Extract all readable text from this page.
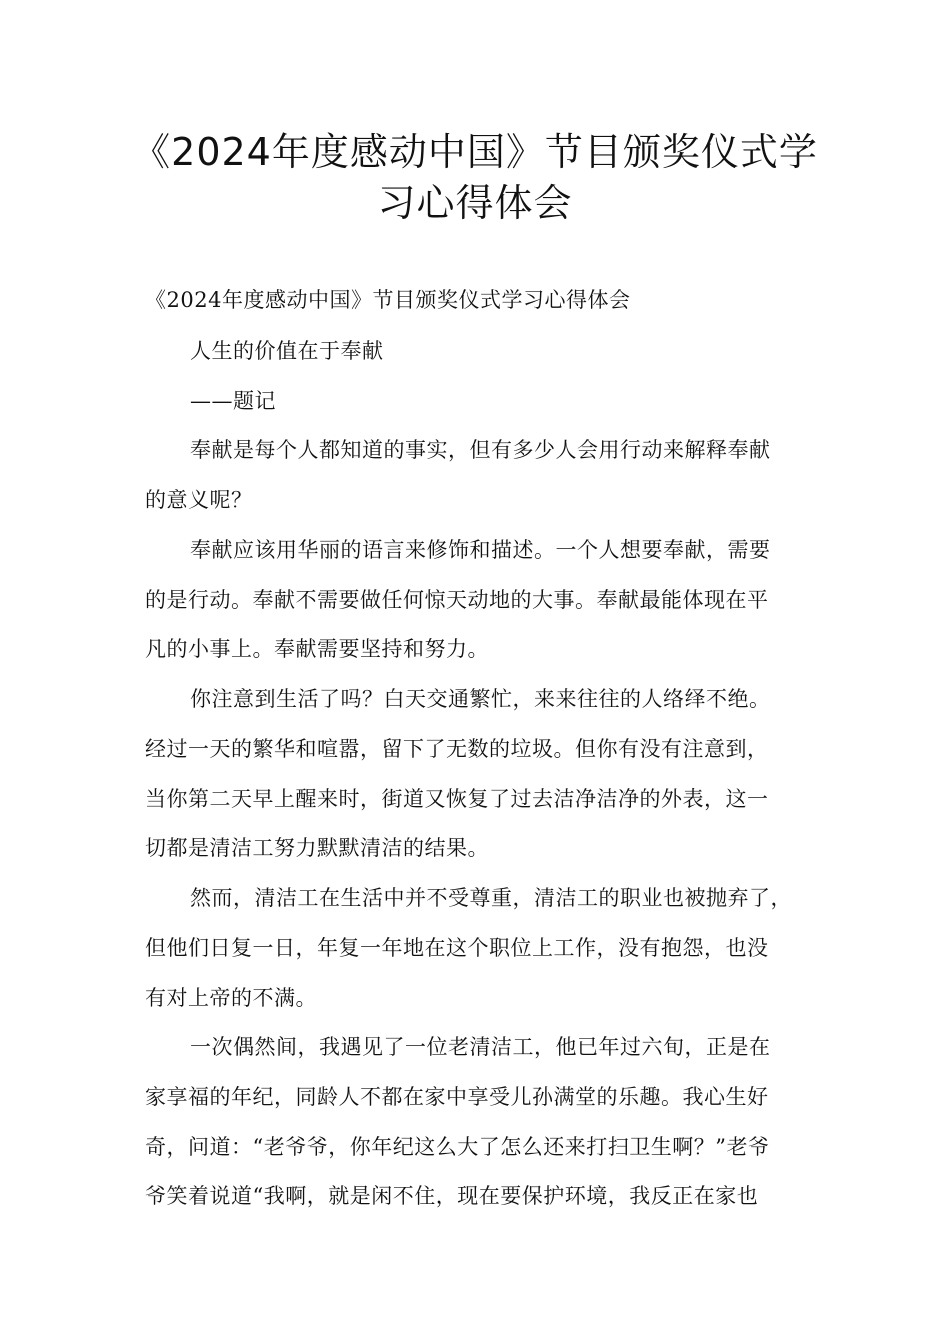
《2024年度感动中国》节目颁奖仪式学
习心得体会
《2024年度感动中国》节目颁奖仪式学习心得体会
人生的价值在于奉献
——题记
奉献是每个人都知道的事实，但有多少人会用行动来解释奉献
的意义呢？
奉献应该用华丽的语言来修饰和描述。一个人想要奉献，需要
的是行动。奉献不需要做任何惊天动地的大事。奉献最能体现在平
凡的小事上。奉献需要坚持和努力。
你注意到生活了吗？白天交通繁忙，来来往往的人络绎不绝。
经过一天的繁华和喧嚣，留下了无数的垃圾。但你有没有注意到，
当你第二天早上醒来时，街道又恢复了过去洁净洁净的外表，这一
切都是清洁工努力默默清洁的结果。
然而，清洁工在生活中并不受尊重，清洁工的职业也被抛弃了，
但他们日复一日，年复一年地在这个职位上工作，没有抱怨，也没
有对上帝的不满。
一次偶然间，我遇见了一位老清洁工，他已年过六旬，正是在
家享福的年纪，同龄人不都在家中享受儿孙满堂的乐趣。我心生好
奇，问道：“老爷爷，你年纪这么大了怎么还来打扫卫生啊？”老爷
爷笑着说道“我啊，就是闲不住，现在要保护环境，我反正在家也
